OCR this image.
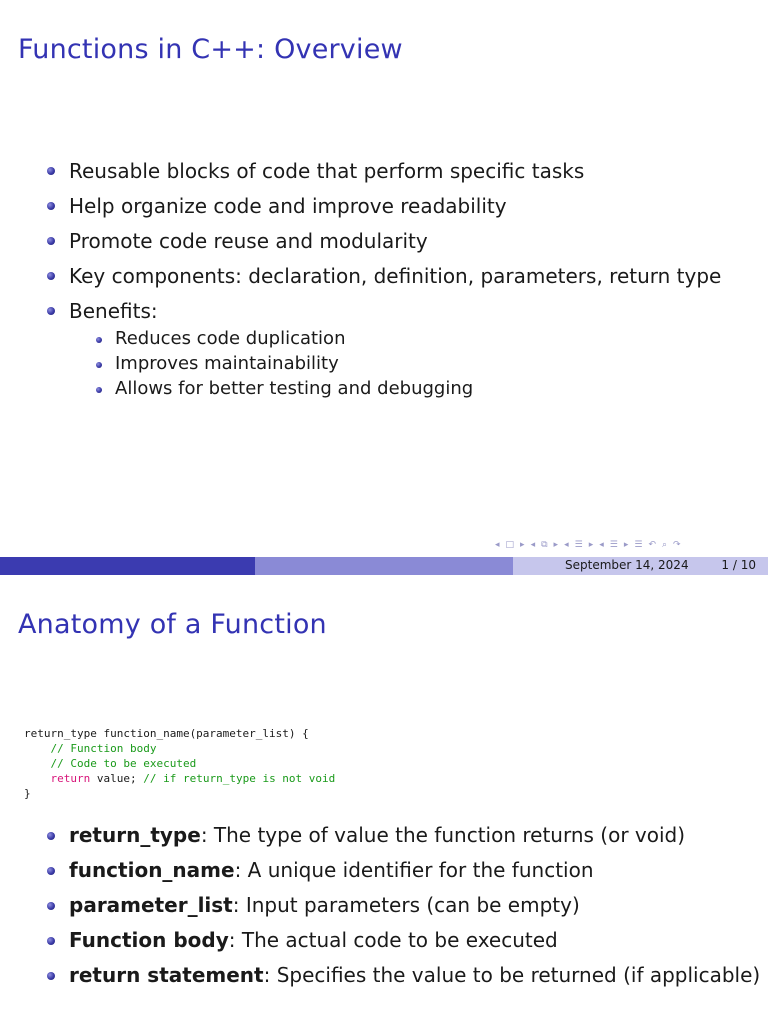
Functions in C++: Overview
Reusable blocks of code that perform specific tasks
Help organize code and improve readability
Promote code reuse and modularity
Key components: declaration, definition, parameters, return type
Benefits:
Reduces code duplication
Improves maintainability
Allows for better testing and debugging
◂ □ ▸ ◂ ⧉ ▸ ◂ ☰ ▸ ◂ ☰ ▸ ☰ ↶ ⌕ ↷
September 14, 2024	1 / 10
Anatomy of a Function
return_type function_name(parameter_list) {
// Function body
// Code to be executed
return value; // if return_type is not void
}
return_type: The type of value the function returns (or void)
function_name: A unique identifier for the function
parameter_list: Input parameters (can be empty)
Function body: The actual code to be executed
return statement: Specifies the value to be returned (if applicable)
